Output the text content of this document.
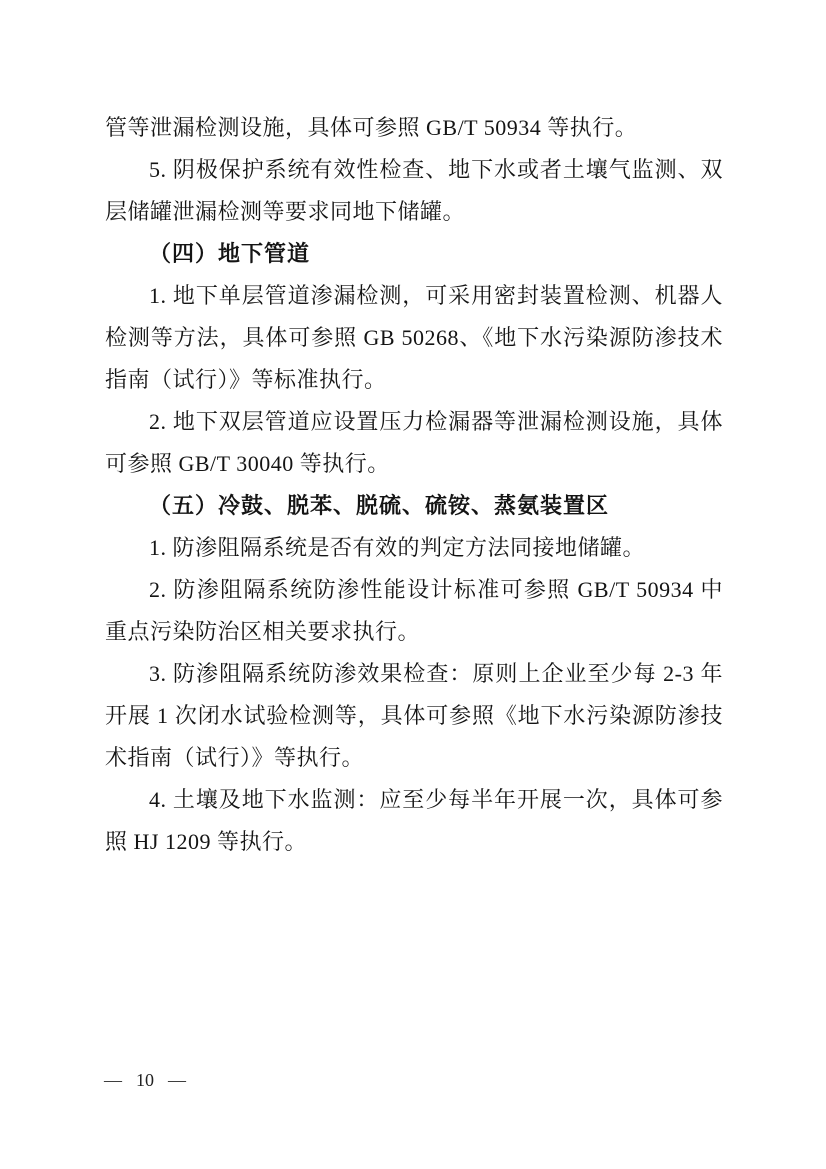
管等泄漏检测设施，具体可参照 GB/T 50934 等执行。

5. 阴极保护系统有效性检查、地下水或者土壤气监测、双层储罐泄漏检测等要求同地下储罐。

（四）地下管道

1. 地下单层管道渗漏检测，可采用密封装置检测、机器人检测等方法，具体可参照 GB 50268、《地下水污染源防渗技术指南（试行）》等标准执行。

2. 地下双层管道应设置压力检漏器等泄漏检测设施，具体可参照 GB/T 30040 等执行。

（五）冷鼓、脱苯、脱硫、硫铵、蒸氨装置区

1. 防渗阻隔系统是否有效的判定方法同接地储罐。

2. 防渗阻隔系统防渗性能设计标准可参照 GB/T 50934 中重点污染防治区相关要求执行。

3. 防渗阻隔系统防渗效果检查：原则上企业至少每 2-3 年开展 1 次闭水试验检测等，具体可参照《地下水污染源防渗技术指南（试行）》等执行。

4. 土壤及地下水监测：应至少每半年开展一次，具体可参照 HJ 1209 等执行。

— 10 —
